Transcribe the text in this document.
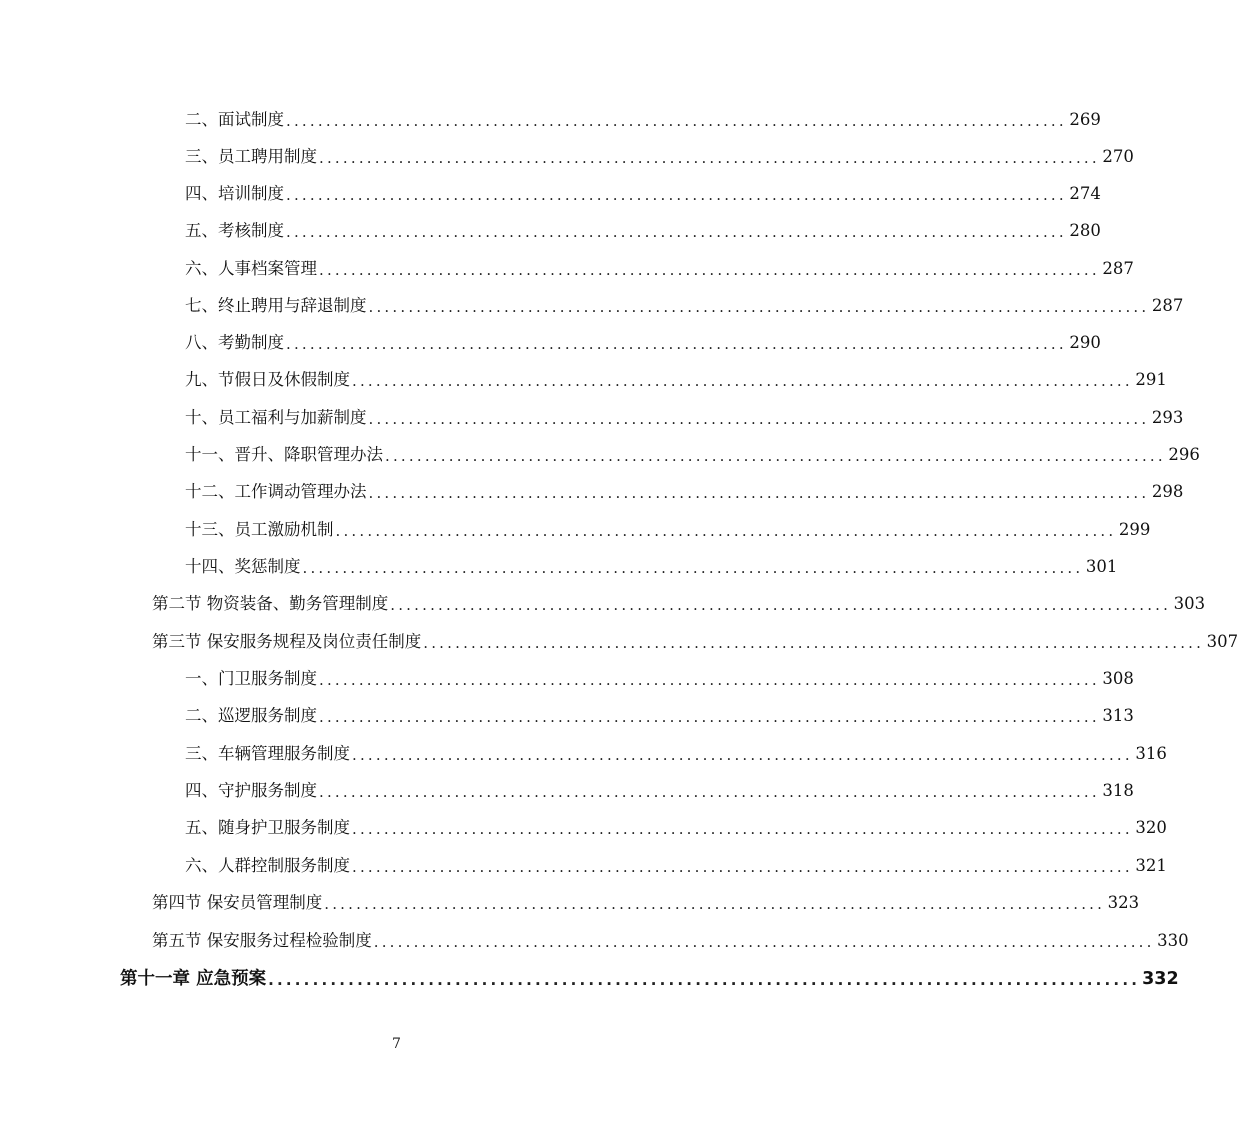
二、面试制度 .................................................................................................. 269
三、员工聘用制度 .................................................................................................. 270
四、培训制度 .................................................................................................. 274
五、考核制度 .................................................................................................. 280
六、人事档案管理 .................................................................................................. 287
七、终止聘用与辞退制度 .................................................................................................. 287
八、考勤制度 .................................................................................................. 290
九、节假日及休假制度 .................................................................................................. 291
十、员工福利与加薪制度 .................................................................................................. 293
十一、晋升、降职管理办法 .................................................................................................. 296
十二、工作调动管理办法 .................................................................................................. 298
十三、员工激励机制 .................................................................................................. 299
十四、奖惩制度 .................................................................................................. 301
第二节 物资装备、勤务管理制度 .................................................................................................. 303
第三节 保安服务规程及岗位责任制度 .................................................................................................. 307
一、门卫服务制度 .................................................................................................. 308
二、巡逻服务制度 .................................................................................................. 313
三、车辆管理服务制度 .................................................................................................. 316
四、守护服务制度 .................................................................................................. 318
五、随身护卫服务制度 .................................................................................................. 320
六、人群控制服务制度 .................................................................................................. 321
第四节 保安员管理制度 .................................................................................................. 323
第五节 保安服务过程检验制度 .................................................................................................. 330
第十一章 应急预案 .................................................................................................. 332
7
